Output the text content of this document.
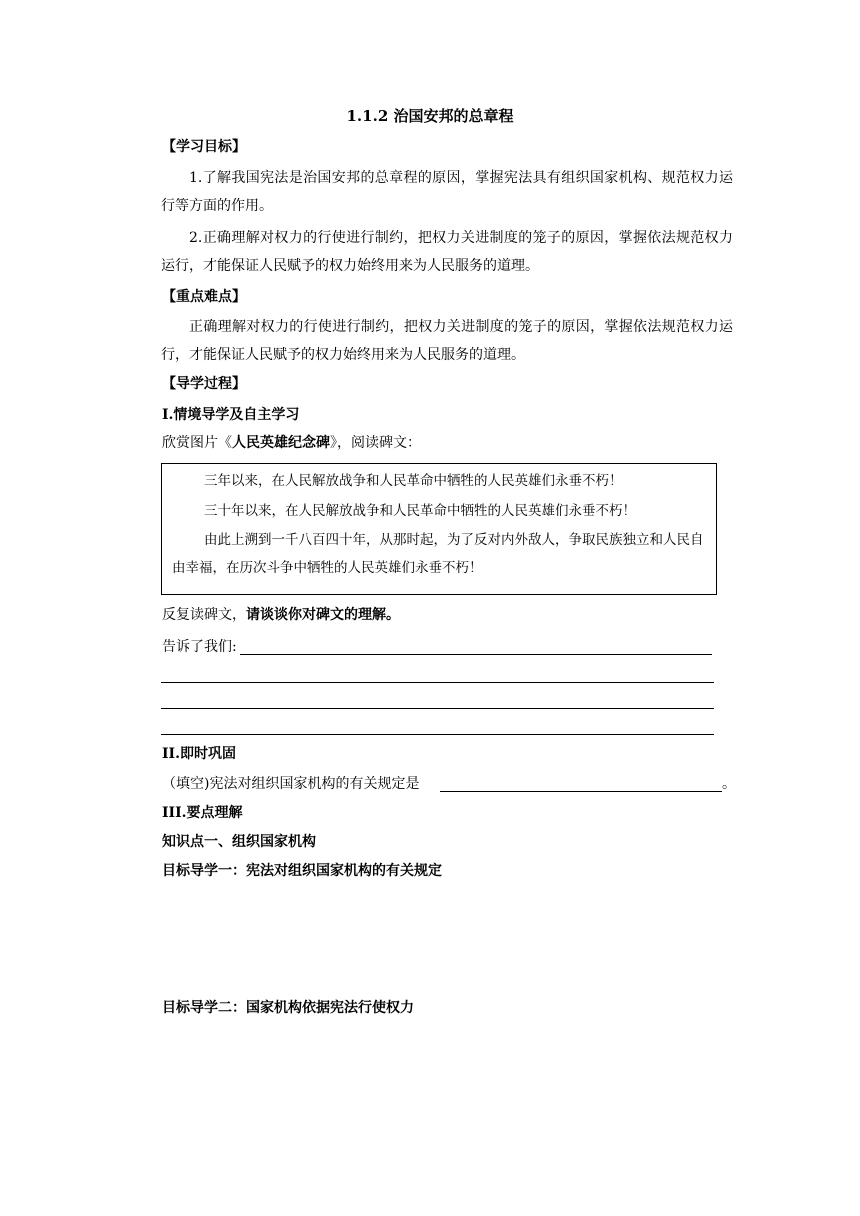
1.1.2 治国安邦的总章程
【学习目标】
1.了解我国宪法是治国安邦的总章程的原因，掌握宪法具有组织国家机构、规范权力运行等方面的作用。
2.正确理解对权力的行使进行制约，把权力关进制度的笼子的原因，掌握依法规范权力运行，才能保证人民赋予的权力始终用来为人民服务的道理。
【重点难点】
正确理解对权力的行使进行制约，把权力关进制度的笼子的原因，掌握依法规范权力运行，才能保证人民赋予的权力始终用来为人民服务的道理。
【导学过程】
I.情境导学及自主学习
欣赏图片《人民英雄纪念碑》，阅读碑文：

三年以来，在人民解放战争和人民革命中牺牲的人民英雄们永垂不朽！

三十年以来，在人民解放战争和人民革命中牺牲的人民英雄们永垂不朽！

由此上溯到一千八百四十年，从那时起，为了反对内外敌人，争取民族独立和人民自由幸福，在历次斗争中牺牲的人民英雄们永垂不朽！

反复读碑文，请谈谈你对碑文的理解。
告诉了我们:
II.即时巩固
（填空)宪法对组织国家机构的有关规定是	。
III.要点理解
知识点一、组织国家机构
目标导学一：宪法对组织国家机构的有关规定
目标导学二：国家机构依据宪法行使权力
